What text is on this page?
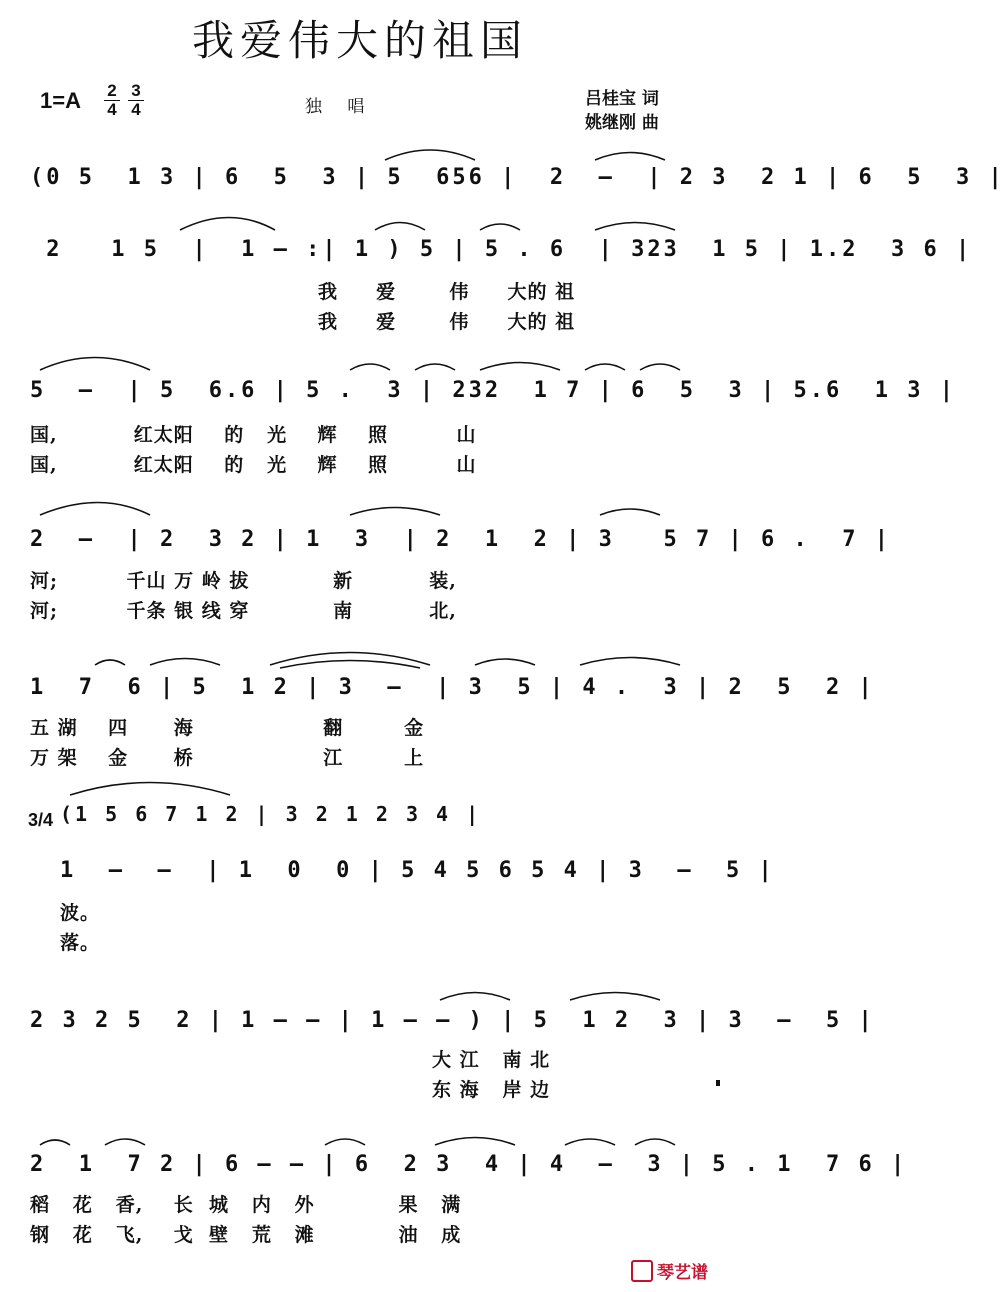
我爱伟大的祖国
$1=A \frac{2}{4} \frac{3}{4}$	独 唱	吕桂宝 词
姚继刚 曲
(0 5  1 3 | 6  5  3 | 5  656 |  2  —  | 2 3  2 1 | 6  5  3 |
2   1 5  |  1 — :| 1 ) 5 | 5 . 6  | 323  1 5 | 1.2  3 6 |
我     爱       伟     大的 祖
我     爱       伟     大的 祖
5  —  | 5  6.6 | 5 .  3 | 232  1 7 | 6  5  3 | 5.6  1 3 |
国,          红太阳    的   光    辉    照         山
国,          红太阳    的   光    辉    照         山
2  —  | 2  3 2 | 1  3  | 2  1  2 | 3   5 7 | 6 .  7 |
河;         千山 万 岭 拔           新          装,
河;         千条 银 线 穿           南          北,
1  7  6 | 5  1 2 | 3  —  | 3  5 | 4 .  3 | 2  5  2 |
五 湖    四      海                 翻        金
万 架    金      桥                 江        上
3/4 (1 5 6 7 1 2 | 3 2 1 2 3 4 |
1  —  —  | 1  0  0 | 5 4 5 6 5 4 | 3  —  5 |
波。
落。
2 3 2 5  2 | 1 — — | 1 — — ) | 5  1 2  3 | 3  —  5 |
大 江   南 北
东 海   岸 边
2  1  7 2 | 6 — — | 6  2 3  4 | 4  —  3 | 5 . 1  7 6 |
稻   花   香,    长  城   内   外           果   满
钢   花   飞,    戈  壁   荒   滩           油   成
琴艺谱
